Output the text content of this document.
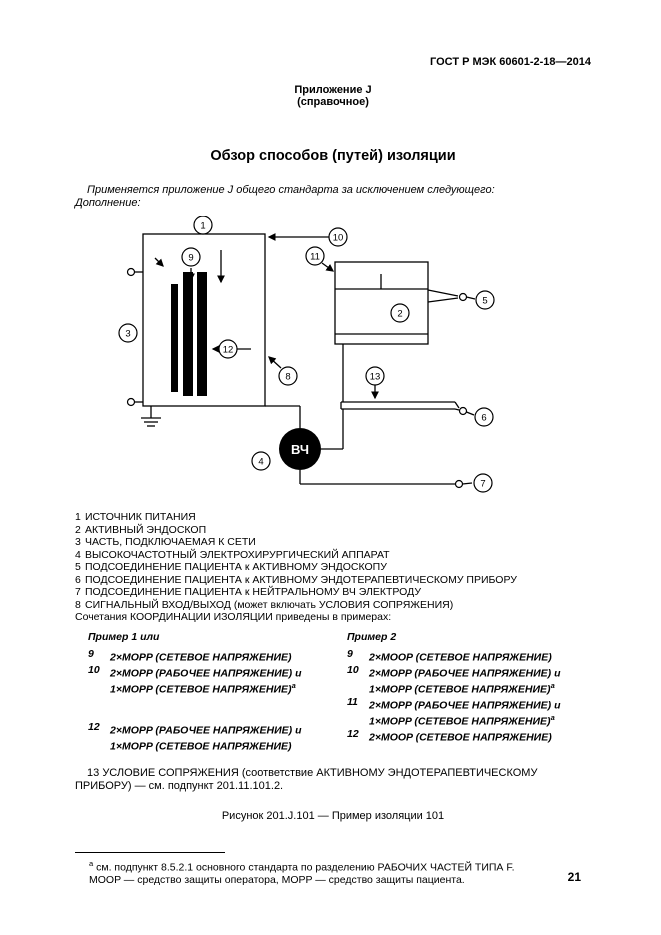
ГОСТ Р МЭК 60601-2-18—2014
Приложение J
(справочное)
Обзор способов (путей) изоляции

Применяется приложение J общего стандарта за исключением следующего:
Дополнение:

ВЧ
1
2
3
4
5
6
7
8
9
10
11
12
13
1 ИСТОЧНИК ПИТАНИЯ
2 АКТИВНЫЙ ЭНДОСКОП
3 ЧАСТЬ, ПОДКЛЮЧАЕМАЯ К СЕТИ
4 ВЫСОКОЧАСТОТНЫЙ ЭЛЕКТРОХИРУРГИЧЕСКИЙ АППАРАТ
5 ПОДСОЕДИНЕНИЕ ПАЦИЕНТА к АКТИВНОМУ ЭНДОСКОПУ
6 ПОДСОЕДИНЕНИЕ ПАЦИЕНТА к АКТИВНОМУ ЭНДОТЕРАПЕВТИЧЕСКОМУ ПРИБОРУ
7 ПОДСОЕДИНЕНИЕ ПАЦИЕНТА к НЕЙТРАЛЬНОМУ ВЧ ЭЛЕКТРОДУ
8 СИГНАЛЬНЫЙ ВХОД/ВЫХОД (может включать УСЛОВИЯ СОПРЯЖЕНИЯ)
Сочетания КООРДИНАЦИИ ИЗОЛЯЦИИ приведены в примерах:
Пример 1 или
9	2×MOPP (СЕТЕВОЕ НАПРЯЖЕНИЕ)
10 2×MOPP (РАБОЧЕЕ НАПРЯЖЕНИЕ) и
1×MOPP (СЕТЕВОЕ НАПРЯЖЕНИЕ)$^a$
12 2×MOPP (РАБОЧЕЕ НАПРЯЖЕНИЕ) и
1×MOPP (СЕТЕВОЕ НАПРЯЖЕНИЕ)
Пример 2
9	2×MOOP (СЕТЕВОЕ НАПРЯЖЕНИЕ)
10 2×MOPP (РАБОЧЕЕ НАПРЯЖЕНИЕ) и
1×MOPP (СЕТЕВОЕ НАПРЯЖЕНИЕ)$^a$
11	2×MOPP (РАБОЧЕЕ НАПРЯЖЕНИЕ) и
1×MOPP (СЕТЕВОЕ НАПРЯЖЕНИЕ)$^a$
12 2×MOOP (СЕТЕВОЕ НАПРЯЖЕНИЕ)

13 УСЛОВИЕ СОПРЯЖЕНИЯ (соответствие АКТИВНОМУ ЭНДОТЕРАПЕВТИЧЕСКОМУ ПРИБОРУ) — см. подпункт 201.11.101.2.

Рисунок 201.J.101 — Пример изоляции 101
$^a$ см. подпункт 8.5.2.1 основного стандарта по разделению РАБОЧИХ ЧАСТЕЙ ТИПА F.
MOOP — средство защиты оператора, MOPP — средство защиты пациента.	21
